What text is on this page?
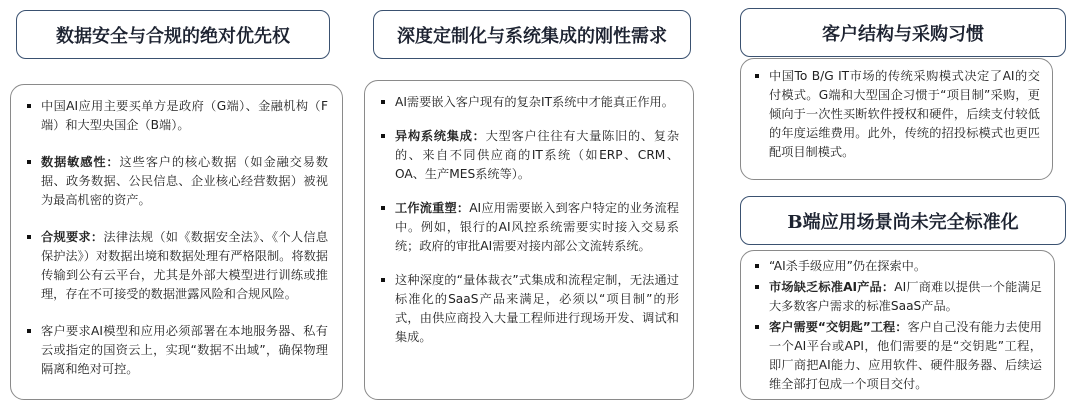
数据安全与合规的绝对优先权
中国AI应用主要买单方是政府（G端）、金融机构（F端）和大型央国企（B端）。
数据敏感性：这些客户的核心数据（如金融交易数据、政务数据、公民信息、企业核心经营数据）被视为最高机密的资产。
合规要求：法律法规（如《数据安全法》、《个人信息保护法》）对数据出境和数据处理有严格限制。将数据传输到公有云平台，尤其是外部大模型进行训练或推理，存在不可接受的数据泄露风险和合规风险。
客户要求AI模型和应用必须部署在本地服务器、私有云或指定的国资云上，实现“数据不出域”，确保物理隔离和绝对可控。
深度定制化与系统集成的刚性需求
AI需要嵌入客户现有的复杂IT系统中才能真正作用。
异构系统集成：大型客户往往有大量陈旧的、复杂的、来自不同供应商的IT系统（如ERP、CRM、OA、生产MES系统等）。
工作流重塑：AI应用需要嵌入到客户特定的业务流程中。例如，银行的AI风控系统需要实时接入交易系统；政府的审批AI需要对接内部公文流转系统。
这种深度的“量体裁衣”式集成和流程定制，无法通过标准化的SaaS产品来满足，必须以“项目制”的形式，由供应商投入大量工程师进行现场开发、调试和集成。
客户结构与采购习惯
中国To B/G IT市场的传统采购模式决定了AI的交付模式。G端和大型国企习惯于“项目制”采购，更倾向于一次性买断软件授权和硬件，后续支付较低的年度运维费用。此外，传统的招投标模式也更匹配项目制模式。
B端应用场景尚未完全标准化
“AI杀手级应用”仍在探索中。
市场缺乏标准AI产品：AI厂商难以提供一个能满足大多数客户需求的标准SaaS产品。
客户需要“交钥匙”工程：客户自己没有能力去使用一个AI平台或API，他们需要的是“交钥匙”工程，即厂商把AI能力、应用软件、硬件服务器、后续运维全部打包成一个项目交付。
